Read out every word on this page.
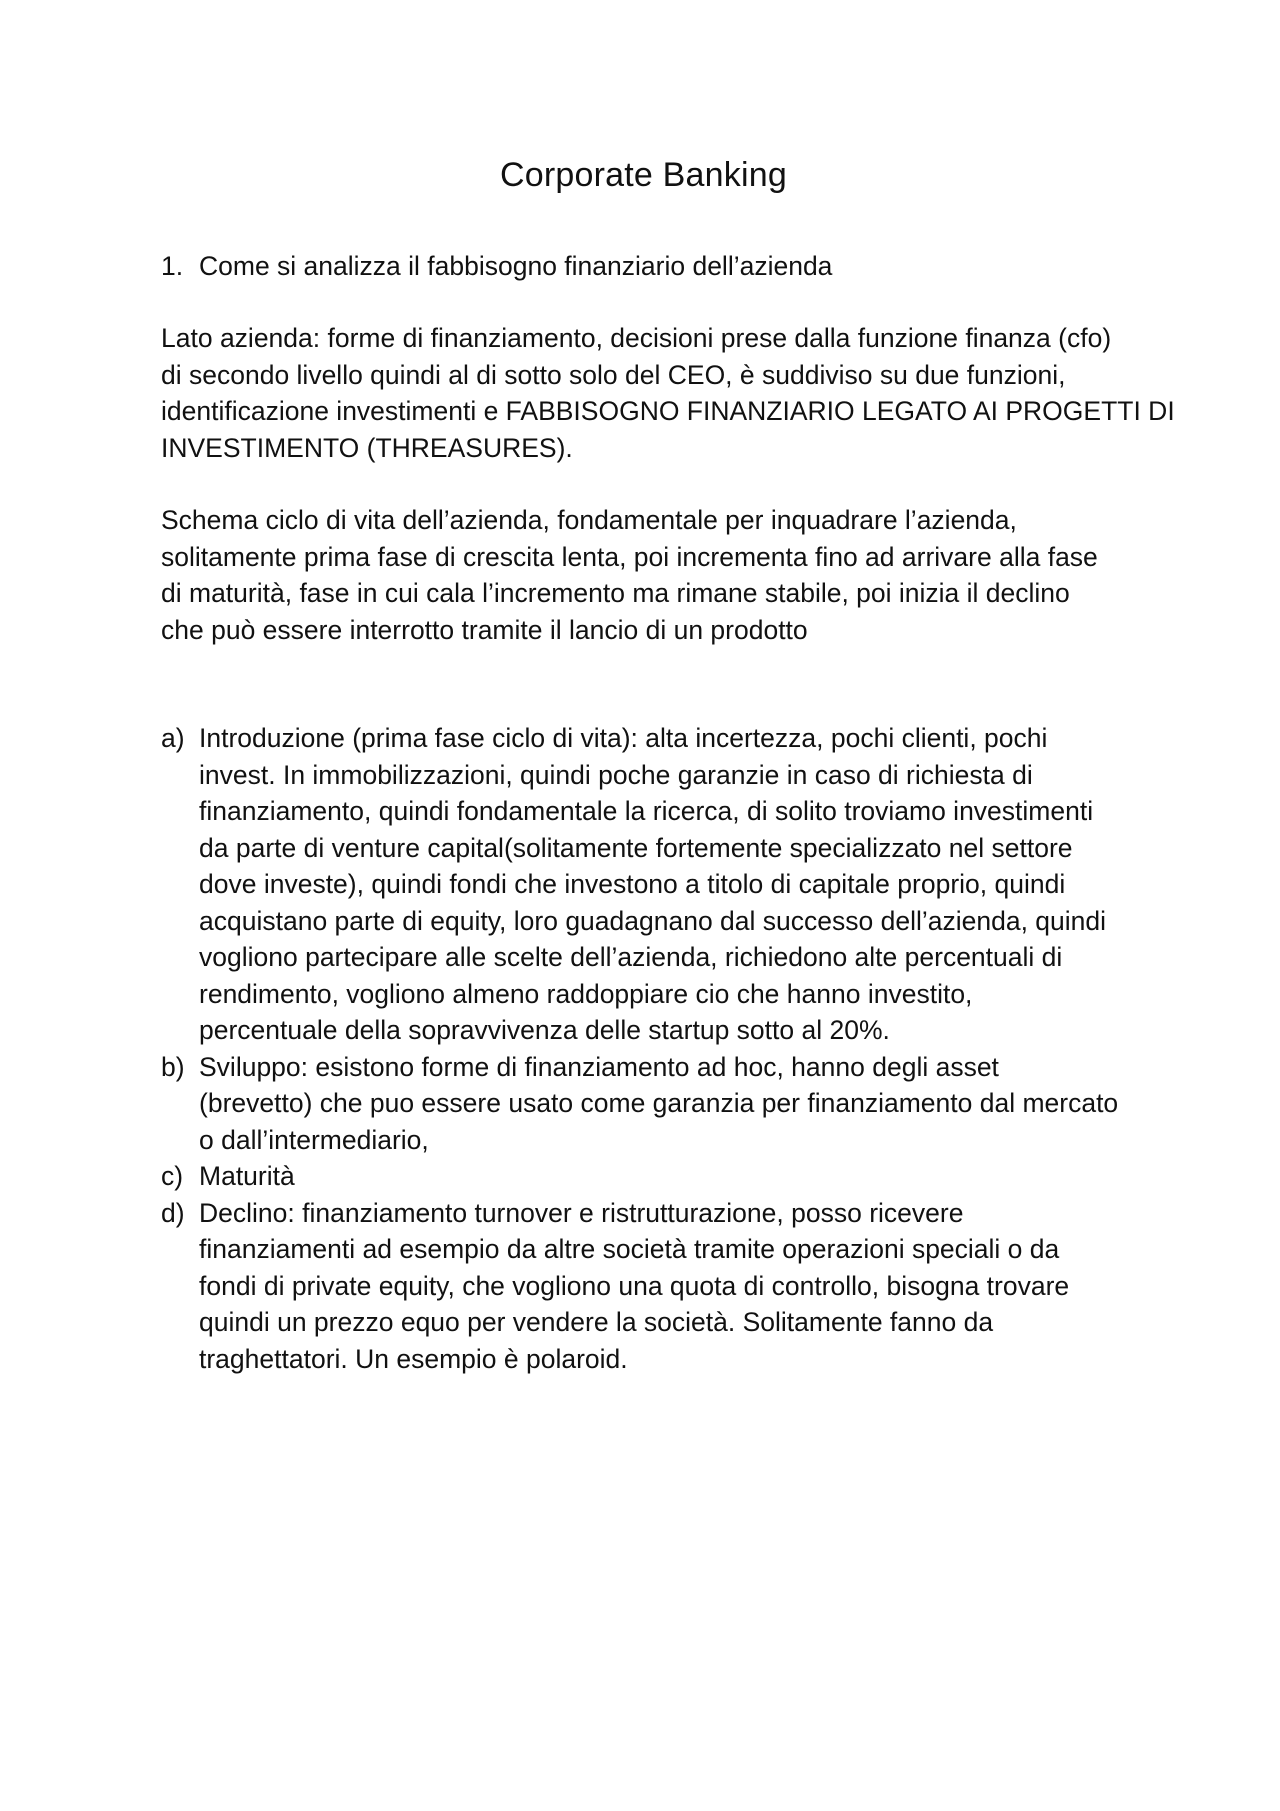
Corporate Banking
1. Come si analizza il fabbisogno finanziario dell’azienda

Lato azienda: forme di finanziamento, decisioni prese dalla funzione finanza (cfo)

di secondo livello quindi al di sotto solo del CEO, è suddiviso su due funzioni,

identificazione investimenti e FABBISOGNO FINANZIARIO LEGATO AI PROGETTI DI

INVESTIMENTO (THREASURES).

Schema ciclo di vita dell’azienda, fondamentale per inquadrare l’azienda,

solitamente prima fase di crescita lenta, poi incrementa fino ad arrivare alla fase

di maturità, fase in cui cala l’incremento ma rimane stabile, poi inizia il declino

che può essere interrotto tramite il lancio di un prodotto

a) Introduzione (prima fase ciclo di vita): alta incertezza, pochi clienti, pochi
invest. In immobilizzazioni, quindi poche garanzie in caso di richiesta di
finanziamento, quindi fondamentale la ricerca, di solito troviamo investimenti
da parte di venture capital(solitamente fortemente specializzato nel settore
dove investe), quindi fondi che investono a titolo di capitale proprio, quindi
acquistano parte di equity, loro guadagnano dal successo dell’azienda, quindi
vogliono partecipare alle scelte dell’azienda, richiedono alte percentuali di
rendimento, vogliono almeno raddoppiare cio che hanno investito,
percentuale della sopravvivenza delle startup sotto al 20%.
b) Sviluppo: esistono forme di finanziamento ad hoc, hanno degli asset
(brevetto) che puo essere usato come garanzia per finanziamento dal mercato
o dall’intermediario,
c) Maturità
d) Declino: finanziamento turnover e ristrutturazione, posso ricevere
finanziamenti ad esempio da altre società tramite operazioni speciali o da
fondi di private equity, che vogliono una quota di controllo, bisogna trovare
quindi un prezzo equo per vendere la società. Solitamente fanno da
traghettatori. Un esempio è polaroid.
